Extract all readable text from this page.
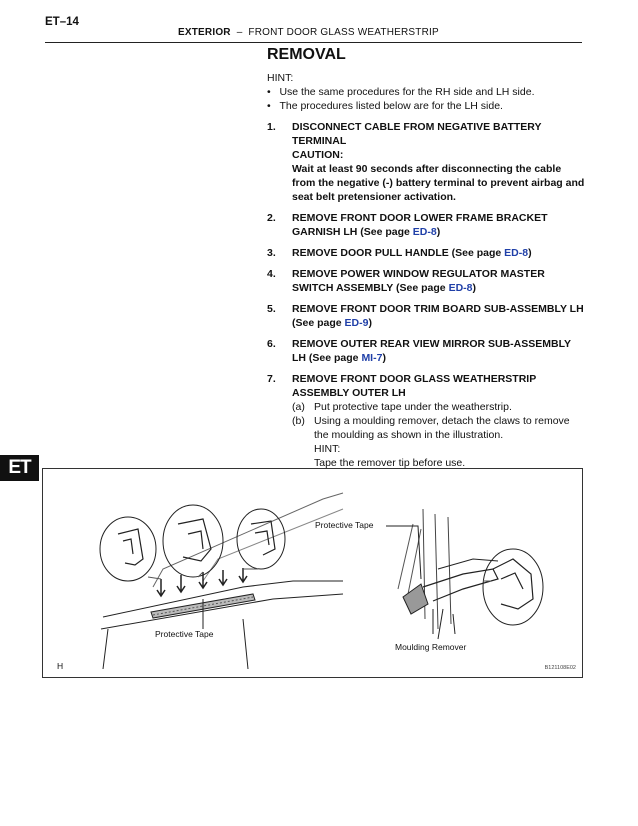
ET–14
EXTERIOR – FRONT DOOR GLASS WEATHERSTRIP
REMOVAL
HINT:
•   Use the same procedures for the RH side and LH side.
•   The procedures listed below are for the LH side.
1. DISCONNECT CABLE FROM NEGATIVE BATTERY TERMINAL
CAUTION:
Wait at least 90 seconds after disconnecting the cable from the negative (-) battery terminal to prevent airbag and seat belt pretensioner activation.
2. REMOVE FRONT DOOR LOWER FRAME BRACKET GARNISH LH (See page ED-8)
3. REMOVE DOOR PULL HANDLE (See page ED-8)
4. REMOVE POWER WINDOW REGULATOR MASTER SWITCH ASSEMBLY (See page ED-8)
5. REMOVE FRONT DOOR TRIM BOARD SUB-ASSEMBLY LH (See page ED-9)
6. REMOVE OUTER REAR VIEW MIRROR SUB-ASSEMBLY LH (See page MI-7)
7. REMOVE FRONT DOOR GLASS WEATHERSTRIP ASSEMBLY OUTER LH
(a) Put protective tape under the weatherstrip.
(b) Using a moulding remover, detach the claws to remove the moulding as shown in the illustration.
HINT:
Tape the remover tip before use.
ET
Protective Tape
Protective Tape
Moulding Remover
H	B121108E02
